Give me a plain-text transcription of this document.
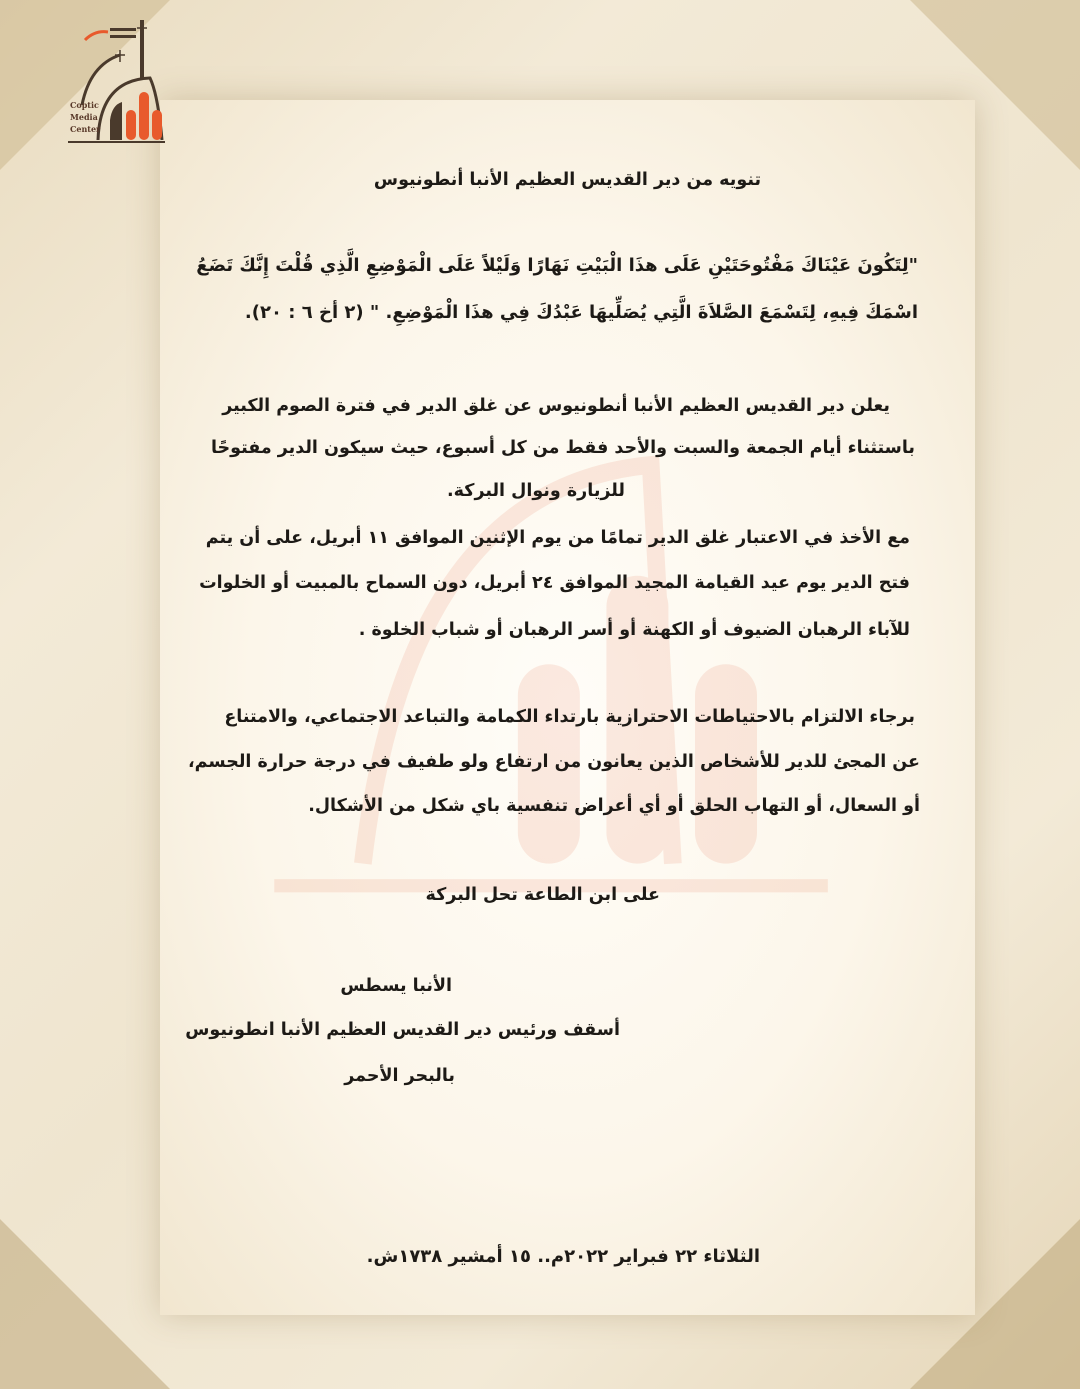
Coptic
Media
Center
تنويه من دير القديس العظيم الأنبا أنطونيوس
"لِتَكُونَ عَيْنَاكَ مَفْتُوحَتَيْنِ عَلَى هذَا الْبَيْتِ نَهَارًا وَلَيْلاً عَلَى الْمَوْضِعِ الَّذِي قُلْتَ إِنَّكَ تَضَعُ
اسْمَكَ فِيهِ، لِتَسْمَعَ الصَّلاَةَ الَّتِي يُصَلِّيهَا عَبْدُكَ فِي هذَا الْمَوْضِعِ. " (٢ أخ ٦ : ٢٠).
يعلن دير القديس العظيم الأنبا أنطونيوس عن غلق الدير في فترة الصوم الكبير
باستثناء أيام الجمعة والسبت والأحد فقط من كل أسبوع، حيث سيكون الدير مفتوحًا
للزيارة ونوال البركة.
مع الأخذ في الاعتبار غلق الدير تمامًا من يوم الإثنين الموافق ١١ أبريل، على أن يتم
فتح الدير يوم عيد القيامة المجيد الموافق ٢٤ أبريل، دون السماح بالمبيت أو الخلوات
للآباء الرهبان الضيوف أو الكهنة أو أسر الرهبان أو شباب الخلوة .
برجاء الالتزام بالاحتياطات الاحترازية بارتداء الكمامة والتباعد الاجتماعي، والامتناع
عن المجئ للدير للأشخاص الذين يعانون من ارتفاع ولو طفيف في درجة حرارة الجسم،
أو السعال، أو التهاب الحلق أو أي أعراض تنفسية باي شكل من الأشكال.
على ابن الطاعة تحل البركة
الأنبا يسطس
أسقف ورئيس دير القديس العظيم الأنبا انطونيوس
بالبحر الأحمر
الثلاثاء ٢٢ فبراير ٢٠٢٢م.. ١٥ أمشير ١٧٣٨ش.
